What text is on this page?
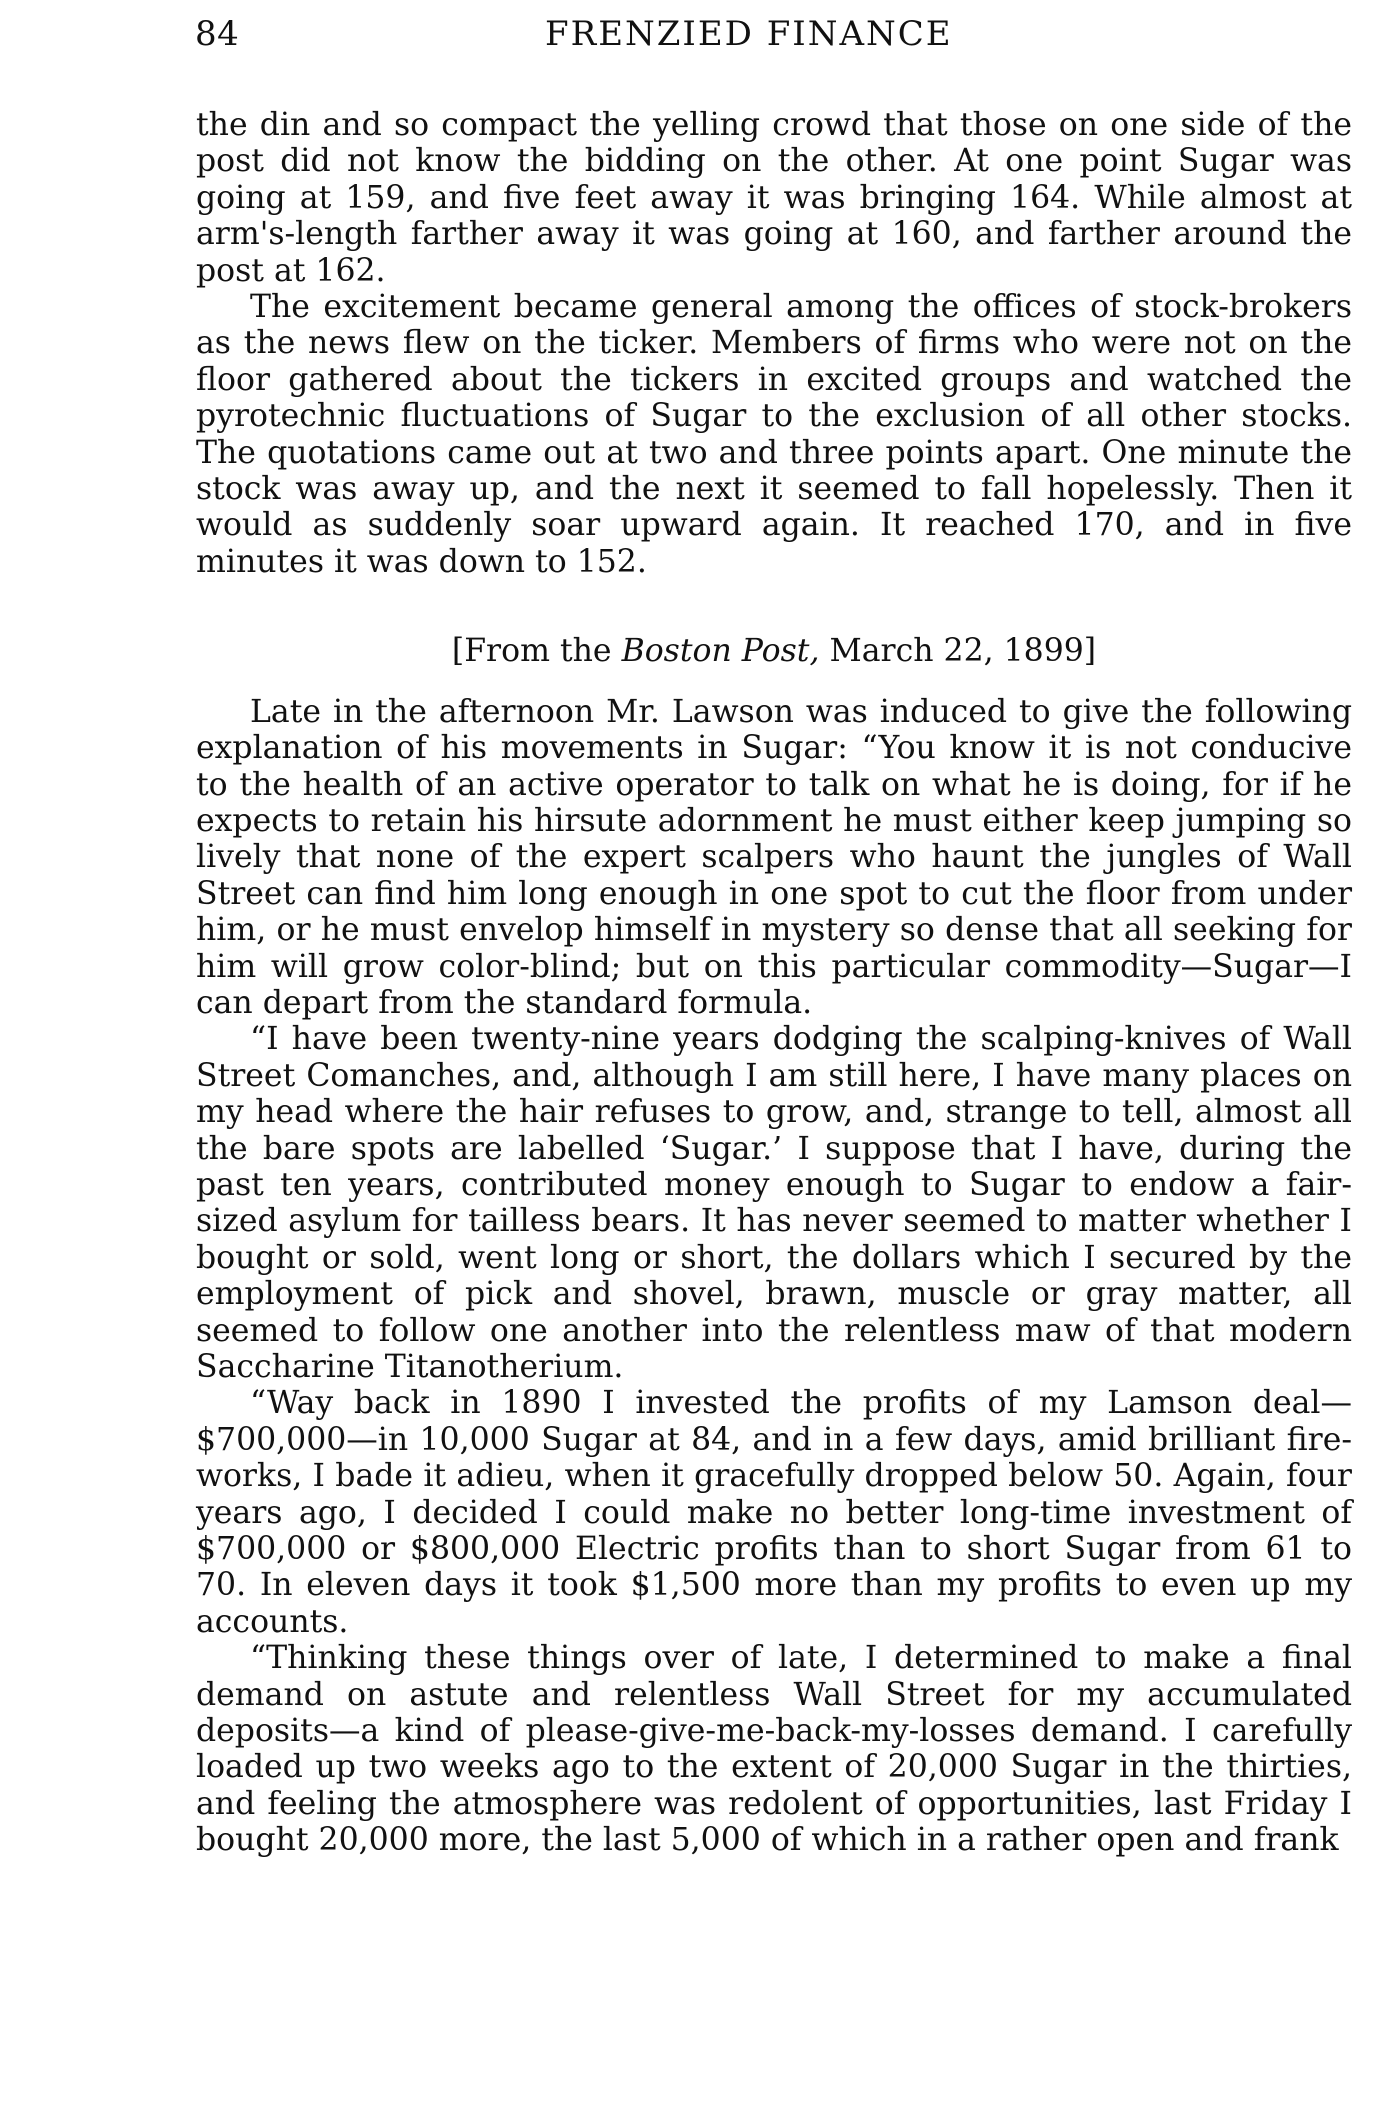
84	FRENZIED FINANCE

the din and so compact the yelling crowd that those on one side of the post did not know the bidding on the other. At one point Sugar was going at 159, and five feet away it was bringing 164. While almost at arm's-length farther away it was going at 160, and farther around the post at 162.

The excitement became general among the offices of stock-brokers as the news flew on the ticker. Members of firms who were not on the floor gathered about the tickers in excited groups and watched the pyrotechnic fluctuations of Sugar to the exclusion of all other stocks. The quotations came out at two and three points apart. One minute the stock was away up, and the next it seemed to fall hopelessly. Then it would as suddenly soar upward again. It reached 170, and in five minutes it was down to 152.

[From the Boston Post, March 22, 1899]

Late in the afternoon Mr. Lawson was induced to give the following explanation of his movements in Sugar: “You know it is not conducive to the health of an active operator to talk on what he is doing, for if he expects to retain his hirsute adornment he must either keep jumping so lively that none of the expert scalpers who haunt the jungles of Wall Street can find him long enough in one spot to cut the floor from under him, or he must envelop himself in mystery so dense that all seeking for him will grow color-blind; but on this particular commodity—Sugar—I can depart from the standard formula.

“I have been twenty-nine years dodging the scalping-knives of Wall Street Comanches, and, although I am still here, I have many places on my head where the hair refuses to grow, and, strange to tell, almost all the bare spots are labelled ‘Sugar.’ I suppose that I have, during the past ten years, contributed money enough to Sugar to endow a fair-sized asylum for tailless bears. It has never seemed to matter whether I bought or sold, went long or short, the dollars which I secured by the employment of pick and shovel, brawn, muscle or gray matter, all seemed to follow one another into the relentless maw of that modern Saccharine Titanotherium.

“Way back in 1890 I invested the profits of my Lamson deal—$700,000—in 10,000 Sugar at 84, and in a few days, amid brilliant fire-works, I bade it adieu, when it gracefully dropped below 50. Again, four years ago, I decided I could make no better long-time investment of $700,000 or $800,000 Electric profits than to short Sugar from 61 to 70. In eleven days it took $1,500 more than my profits to even up my accounts.

“Thinking these things over of late, I determined to make a final demand on astute and relentless Wall Street for my accumulated deposits—a kind of please-give-me-back-my-losses demand. I carefully loaded up two weeks ago to the extent of 20,000 Sugar in the thirties, and feeling the atmosphere was redolent of opportunities, last Friday I bought 20,000 more, the last 5,000 of which in a rather open and frank
